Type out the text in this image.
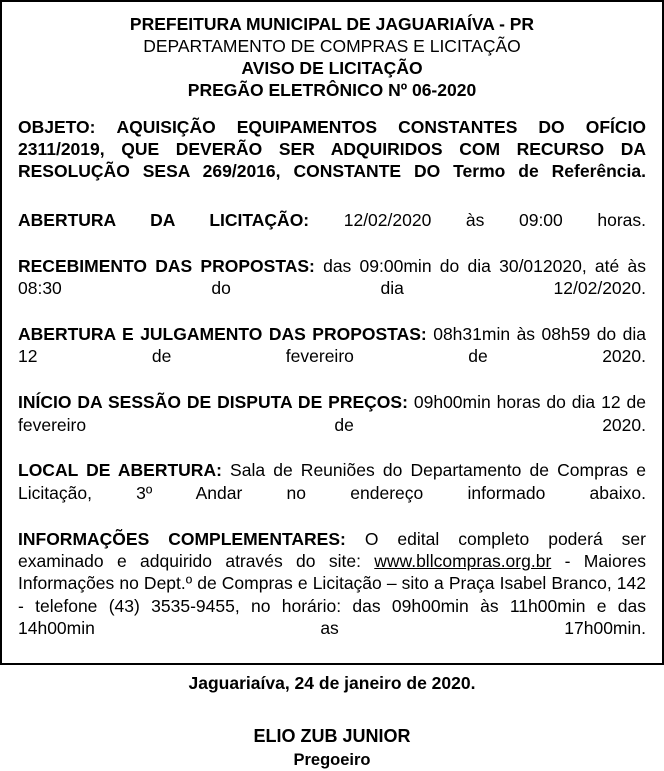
PREFEITURA MUNICIPAL DE JAGUARIAÍVA - PR
DEPARTAMENTO DE COMPRAS E LICITAÇÃO
AVISO DE LICITAÇÃO
PREGÃO ELETRÔNICO Nº 06-2020

OBJETO: AQUISIÇÃO EQUIPAMENTOS CONSTANTES DO OFÍCIO 2311/2019, QUE DEVERÃO SER ADQUIRIDOS COM RECURSO DA RESOLUÇÃO SESA 269/2016, CONSTANTE DO Termo de Referência.

ABERTURA DA LICITAÇÃO: 12/02/2020 às 09:00 horas.

RECEBIMENTO DAS PROPOSTAS: das 09:00min do dia 30/012020, até às 08:30 do dia 12/02/2020.

ABERTURA E JULGAMENTO DAS PROPOSTAS: 08h31min às 08h59 do dia 12 de fevereiro de 2020.

INÍCIO DA SESSÃO DE DISPUTA DE PREÇOS: 09h00min horas do dia 12 de fevereiro de 2020.

LOCAL DE ABERTURA: Sala de Reuniões do Departamento de Compras e Licitação, 3º Andar no endereço informado abaixo.

INFORMAÇÕES COMPLEMENTARES: O edital completo poderá ser examinado e adquirido através do site: www.bllcompras.org.br - Maiores Informações no Dept.º de Compras e Licitação – sito a Praça Isabel Branco, 142 - telefone (43) 3535-9455, no horário: das 09h00min às 11h00min e das 14h00min as 17h00min.

Jaguariaíva, 24 de janeiro de 2020.
ELIO ZUB JUNIOR
Pregoeiro
